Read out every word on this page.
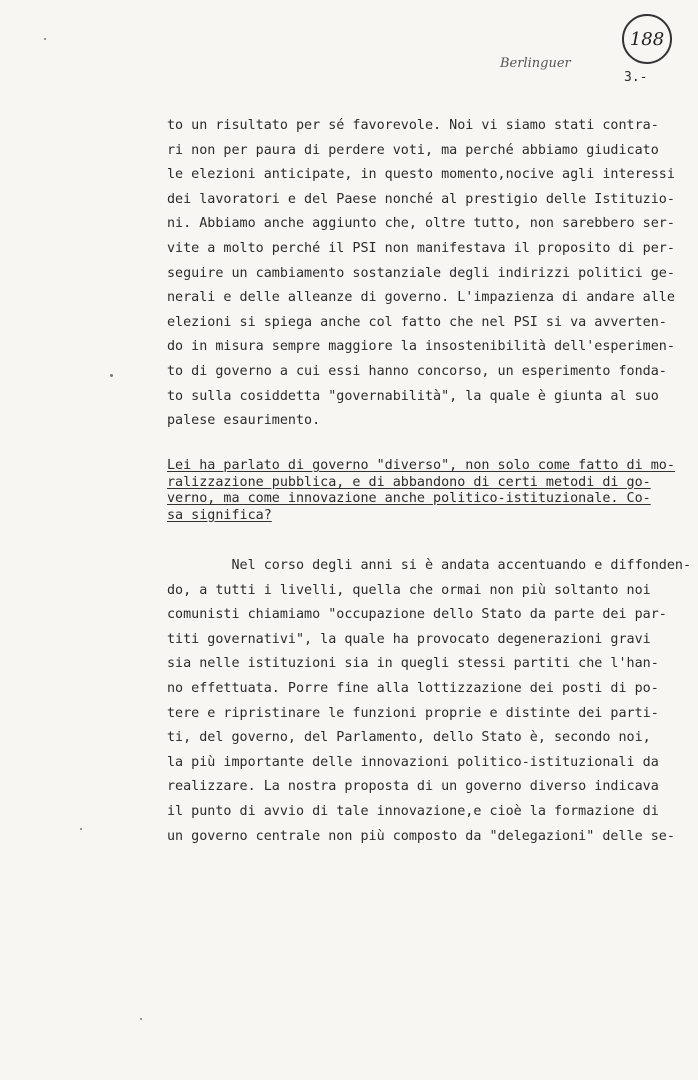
188
Berlinguer
3.-
to un risultato per sé favorevole. Noi vi siamo stati contra-
ri non per paura di perdere voti, ma perché abbiamo giudicato
le elezioni anticipate, in questo momento,nocive agli interessi
dei lavoratori e del Paese nonché al prestigio delle Istituzio-
ni. Abbiamo anche aggiunto che, oltre tutto, non sarebbero ser-
vite a molto perché il PSI non manifestava il proposito di per-
seguire un cambiamento sostanziale degli indirizzi politici ge-
nerali e delle alleanze di governo. L'impazienza di andare alle
elezioni si spiega anche col fatto che nel PSI si va avverten-
do in misura sempre maggiore la insostenibilità dell'esperimen-
to di governo a cui essi hanno concorso, un esperimento fonda-
to sulla cosiddetta "governabilità", la quale è giunta al suo
palese esaurimento.
Lei ha parlato di governo "diverso", non solo come fatto di mo-
ralizzazione pubblica, e di abbandono di certi metodi di go-
verno, ma come innovazione anche politico-istituzionale. Co-
sa significa?
Nel corso degli anni si è andata accentuando e diffonden-
do, a tutti i livelli, quella che ormai non più soltanto noi
comunisti chiamiamo "occupazione dello Stato da parte dei par-
titi governativi", la quale ha provocato degenerazioni gravi
sia nelle istituzioni sia in quegli stessi partiti che l'han-
no effettuata. Porre fine alla lottizzazione dei posti di po-
tere e ripristinare le funzioni proprie e distinte dei parti-
ti, del governo, del Parlamento, dello Stato è, secondo noi,
la più importante delle innovazioni politico-istituzionali da
realizzare. La nostra proposta di un governo diverso indicava
il punto di avvio di tale innovazione,e cioè la formazione di
un governo centrale non più composto da "delegazioni" delle se-
